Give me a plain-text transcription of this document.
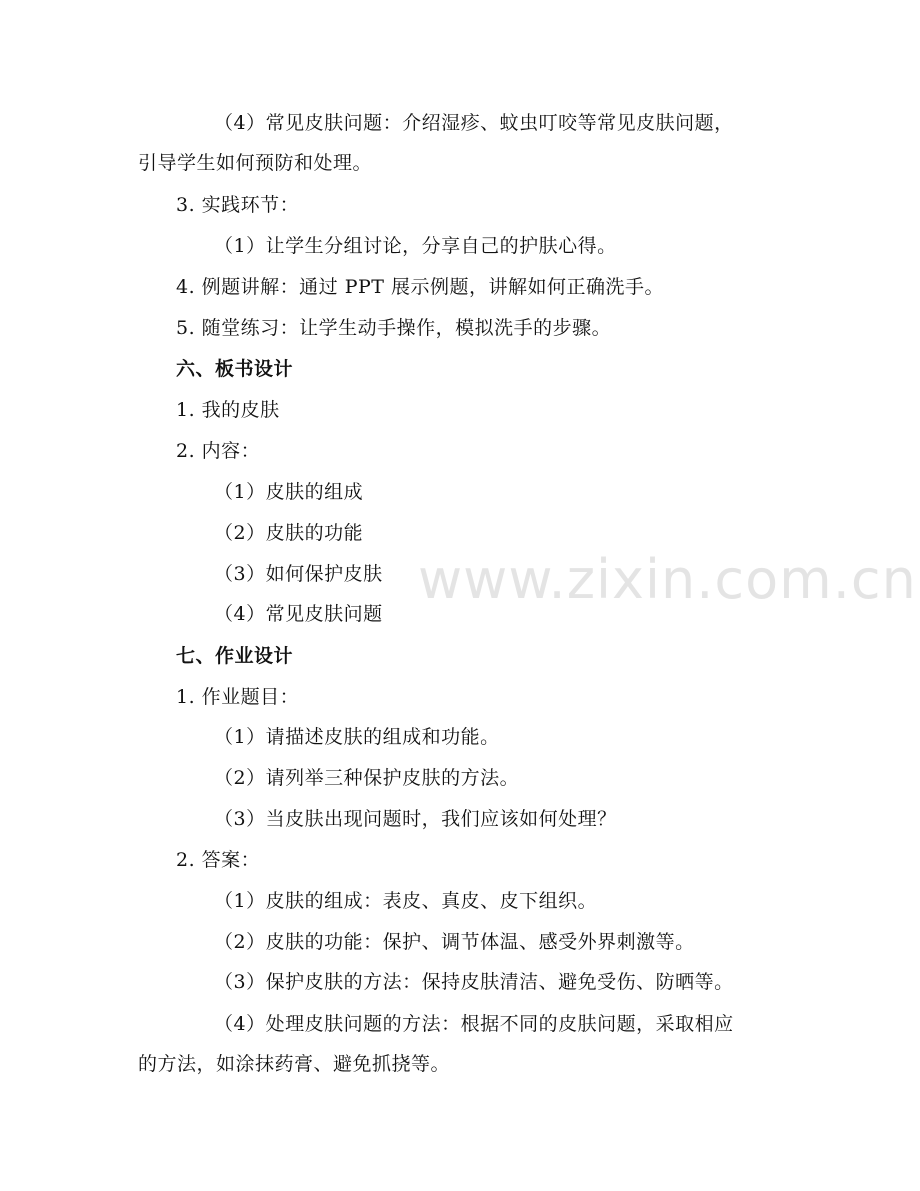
（4）常见皮肤问题：介绍湿疹、蚊虫叮咬等常见皮肤问题，
引导学生如何预防和处理。
3. 实践环节：
（1）让学生分组讨论，分享自己的护肤心得。
4. 例题讲解：通过 PPT 展示例题，讲解如何正确洗手。
5. 随堂练习：让学生动手操作，模拟洗手的步骤。
六、板书设计
1. 我的皮肤
2. 内容：
（1）皮肤的组成
（2）皮肤的功能
（3）如何保护皮肤
（4）常见皮肤问题
七、作业设计
1. 作业题目：
（1）请描述皮肤的组成和功能。
（2）请列举三种保护皮肤的方法。
（3）当皮肤出现问题时，我们应该如何处理？
2. 答案：
（1）皮肤的组成：表皮、真皮、皮下组织。
（2）皮肤的功能：保护、调节体温、感受外界刺激等。
（3）保护皮肤的方法：保持皮肤清洁、避免受伤、防晒等。
（4）处理皮肤问题的方法：根据不同的皮肤问题，采取相应
的方法，如涂抹药膏、避免抓挠等。
www.zixin.com.cn
